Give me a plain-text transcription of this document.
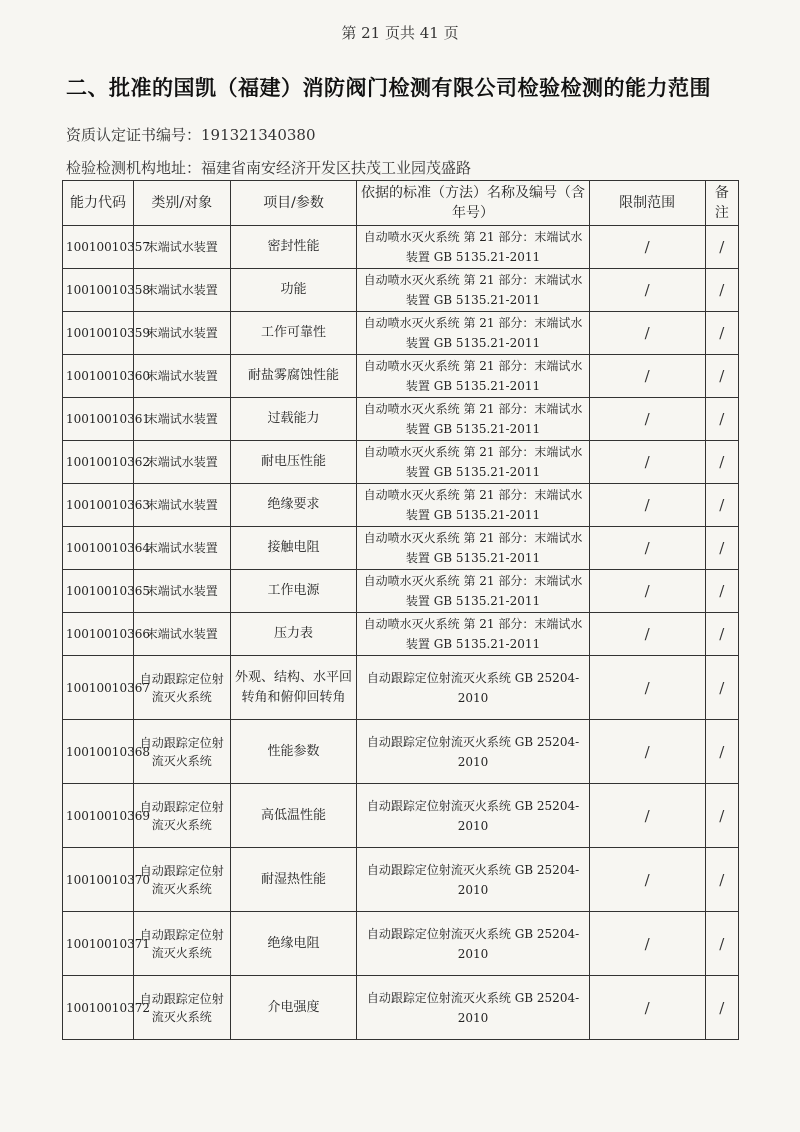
第 21 页共 41 页
二、批准的国凯（福建）消防阀门检测有限公司检验检测的能力范围
资质认定证书编号：191321340380
检验检测机构地址：福建省南安经济开发区扶茂工业园茂盛路
能力代码	类别/对象	项目/参数	依据的标准（方法）名称及编号（含年号）	限制范围	备注
10010010357	末端试水装置	密封性能	自动喷水灭火系统 第 21 部分：末端试水装置 GB 5135.21-2011	/	/
10010010358	末端试水装置	功能	自动喷水灭火系统 第 21 部分：末端试水装置 GB 5135.21-2011	/	/
10010010359	末端试水装置	工作可靠性	自动喷水灭火系统 第 21 部分：末端试水装置 GB 5135.21-2011	/	/
10010010360	末端试水装置	耐盐雾腐蚀性能	自动喷水灭火系统 第 21 部分：末端试水装置 GB 5135.21-2011	/	/
10010010361	末端试水装置	过载能力	自动喷水灭火系统 第 21 部分：末端试水装置 GB 5135.21-2011	/	/
10010010362	末端试水装置	耐电压性能	自动喷水灭火系统 第 21 部分：末端试水装置 GB 5135.21-2011	/	/
10010010363	末端试水装置	绝缘要求	自动喷水灭火系统 第 21 部分：末端试水装置 GB 5135.21-2011	/	/
10010010364	末端试水装置	接触电阻	自动喷水灭火系统 第 21 部分：末端试水装置 GB 5135.21-2011	/	/
10010010365	末端试水装置	工作电源	自动喷水灭火系统 第 21 部分：末端试水装置 GB 5135.21-2011	/	/
10010010366	末端试水装置	压力表	自动喷水灭火系统 第 21 部分：末端试水装置 GB 5135.21-2011	/	/
10010010367	自动跟踪定位射流灭火系统	外观、结构、水平回转角和俯仰回转角	自动跟踪定位射流灭火系统 GB 25204-2010	/	/
10010010368	自动跟踪定位射流灭火系统	性能参数	自动跟踪定位射流灭火系统 GB 25204-2010	/	/
10010010369	自动跟踪定位射流灭火系统	高低温性能	自动跟踪定位射流灭火系统 GB 25204-2010	/	/
10010010370	自动跟踪定位射流灭火系统	耐湿热性能	自动跟踪定位射流灭火系统 GB 25204-2010	/	/
10010010371	自动跟踪定位射流灭火系统	绝缘电阻	自动跟踪定位射流灭火系统 GB 25204-2010	/	/
10010010372	自动跟踪定位射流灭火系统	介电强度	自动跟踪定位射流灭火系统 GB 25204-2010	/	/
